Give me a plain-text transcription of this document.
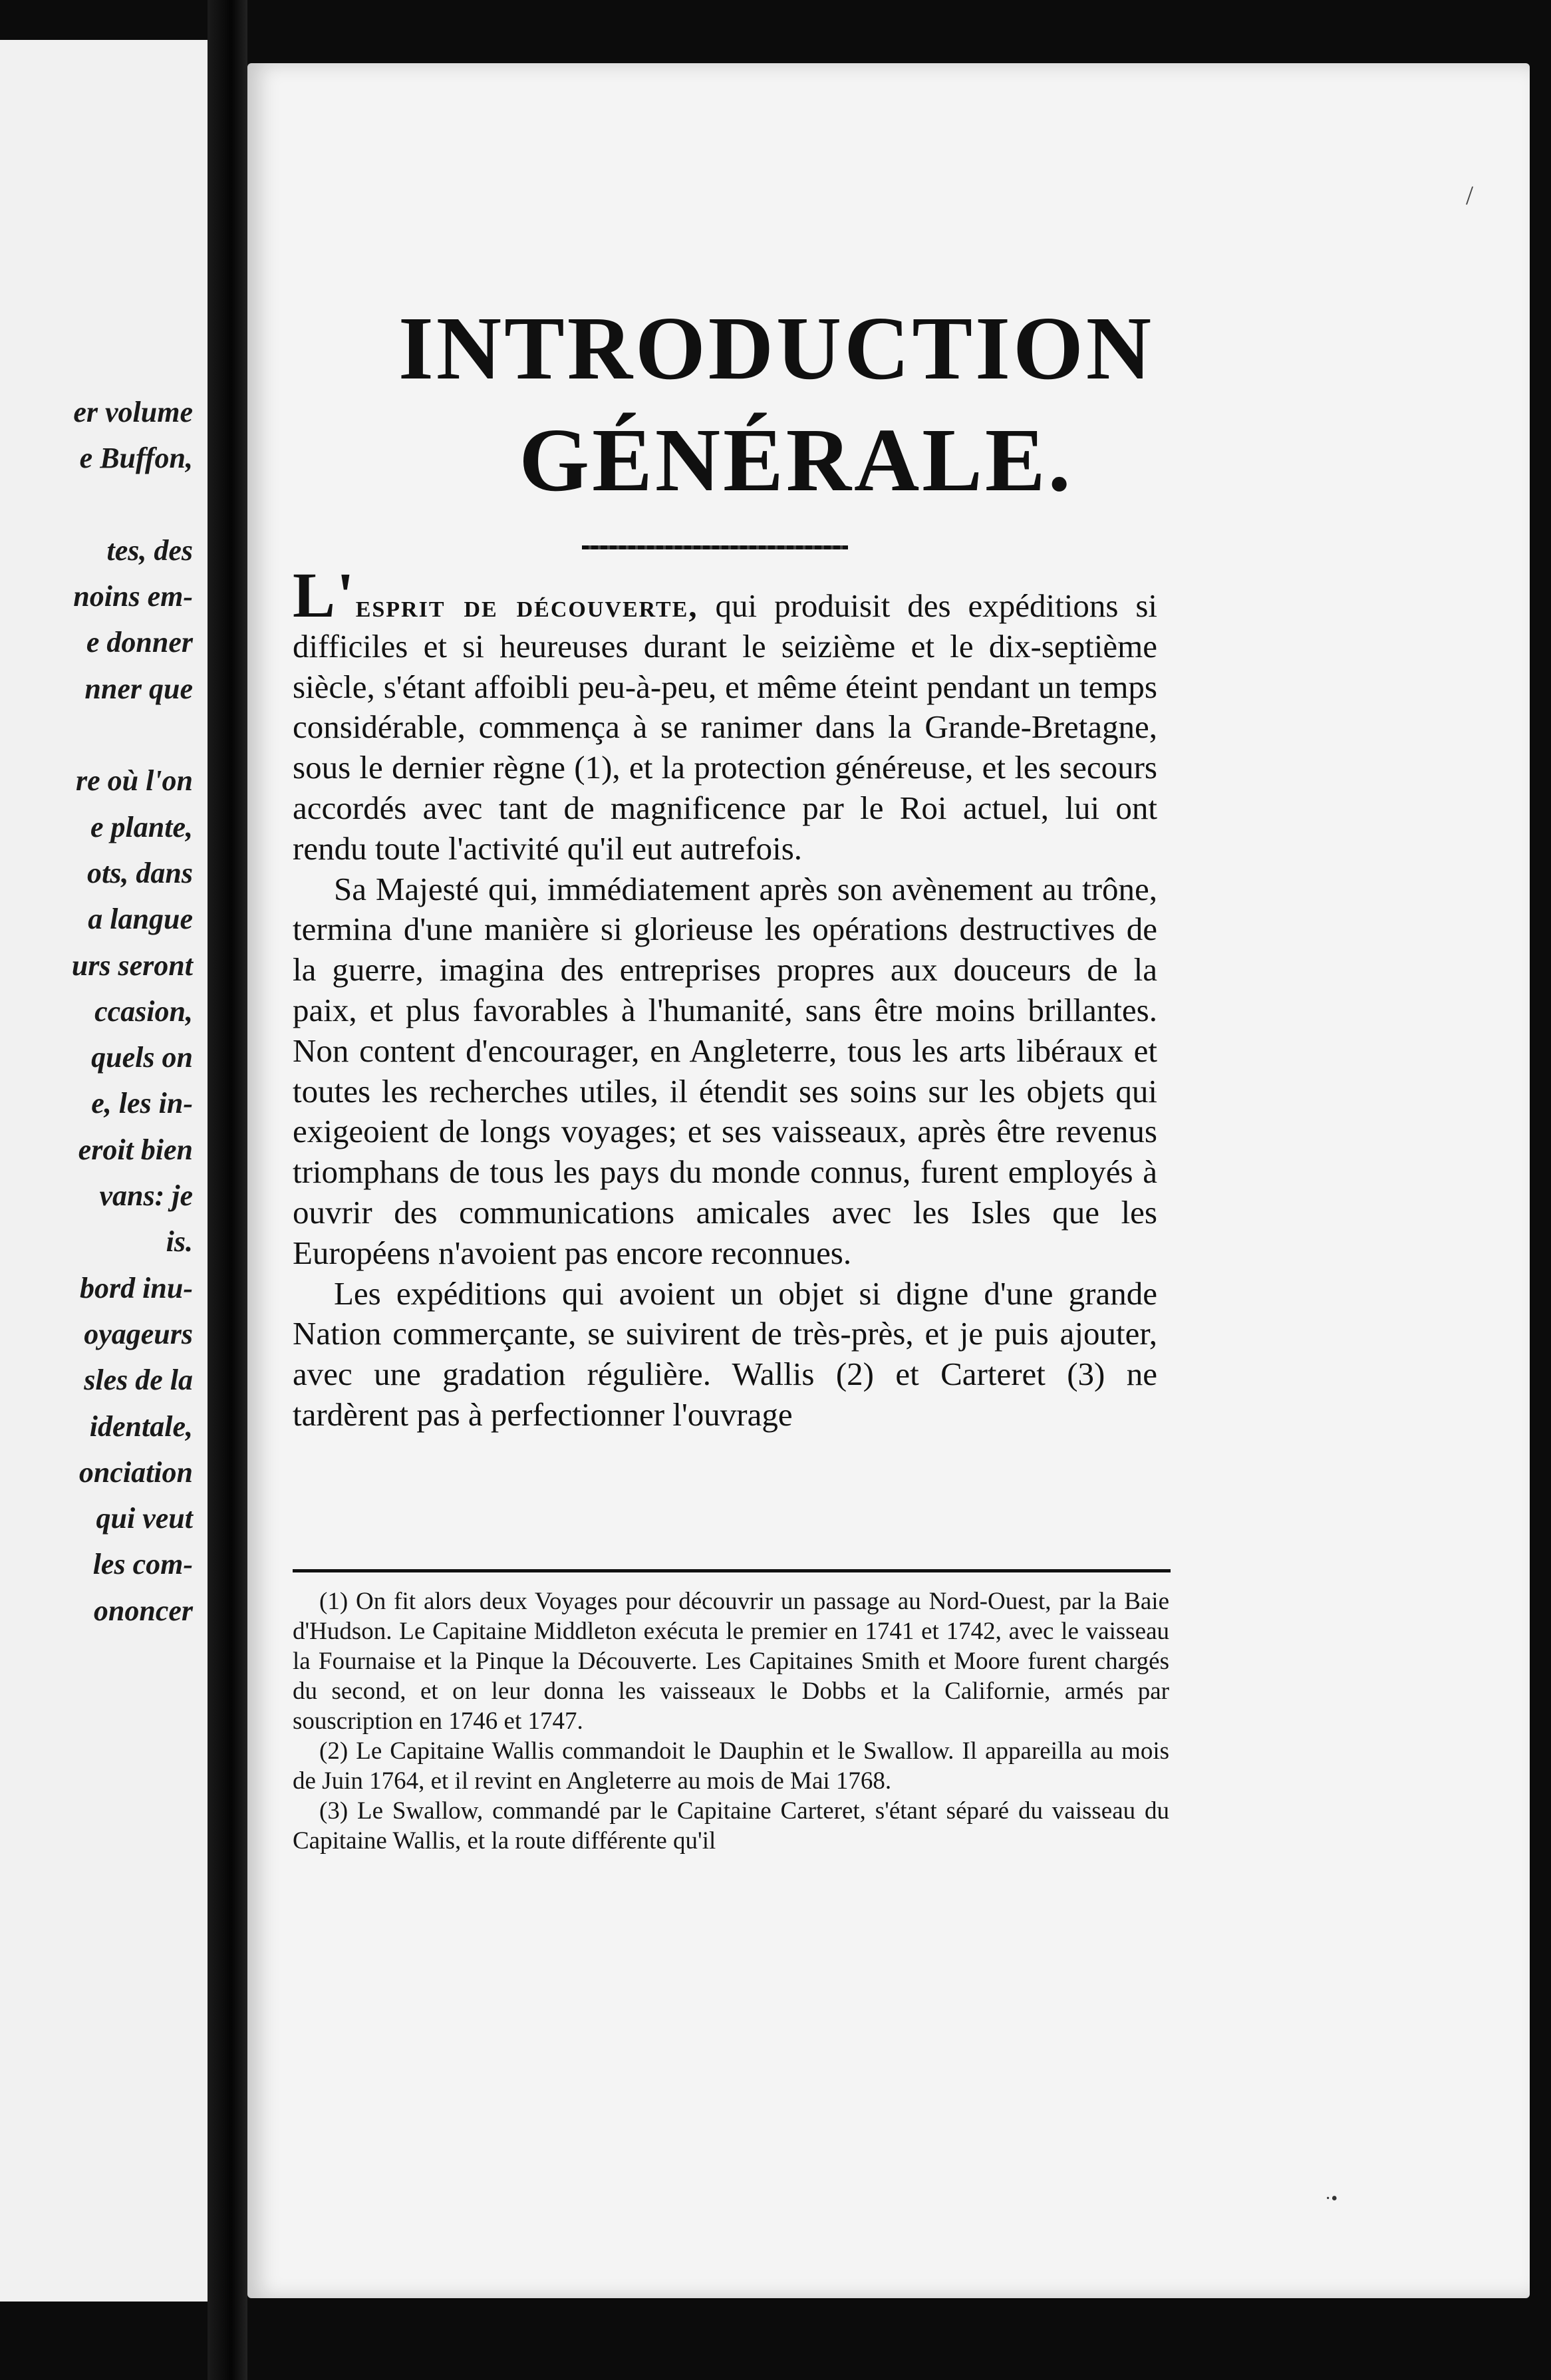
er volume
e Buffon,
tes, des
noins em-
e donner
nner que
re où l'on
e plante,
ots, dans
a langue
urs seront
ccasion,
quels on
e, les in-
eroit bien
vans: je
is.
bord inu-
oyageurs
sles de la
identale,
onciation
qui veut
les com-
ononcer
/
INTRODUCTION
GÉNÉRALE.

L'esprit de découverte, qui produisit des expéditions si difficiles et si heureuses durant le seizième et le dix-septième siècle, s'étant affoibli peu-à-peu, et même éteint pendant un temps considérable, commença à se ranimer dans la Grande-Bretagne, sous le dernier règne (1), et la protection généreuse, et les secours accordés avec tant de magnificence par le Roi actuel, lui ont rendu toute l'activité qu'il eut autrefois.

Sa Majesté qui, immédiatement après son avènement au trône, termina d'une manière si glorieuse les opérations destructives de la guerre, imagina des entreprises propres aux douceurs de la paix, et plus favorables à l'humanité, sans être moins brillantes. Non content d'encourager, en Angleterre, tous les arts libéraux et toutes les recherches utiles, il étendit ses soins sur les objets qui exigeoient de longs voyages; et ses vaisseaux, après être revenus triomphans de tous les pays du monde connus, furent employés à ouvrir des communications amicales avec les Isles que les Européens n'avoient pas encore reconnues.

Les expéditions qui avoient un objet si digne d'une grande Nation commerçante, se suivirent de très-près, et je puis ajouter, avec une gradation régulière. Wallis (2) et Carteret (3) ne tardèrent pas à perfectionner l'ouvrage

(1) On fit alors deux Voyages pour découvrir un passage au Nord-Ouest, par la Baie d'Hudson. Le Capitaine Middleton exécuta le premier en 1741 et 1742, avec le vaisseau la Fournaise et la Pinque la Découverte. Les Capitaines Smith et Moore furent chargés du second, et on leur donna les vaisseaux le Dobbs et la Californie, armés par souscription en 1746 et 1747.

(2) Le Capitaine Wallis commandoit le Dauphin et le Swallow. Il appareilla au mois de Juin 1764, et il revint en Angleterre au mois de Mai 1768.

(3) Le Swallow, commandé par le Capitaine Carteret, s'étant séparé du vaisseau du Capitaine Wallis, et la route différente qu'il

·•
